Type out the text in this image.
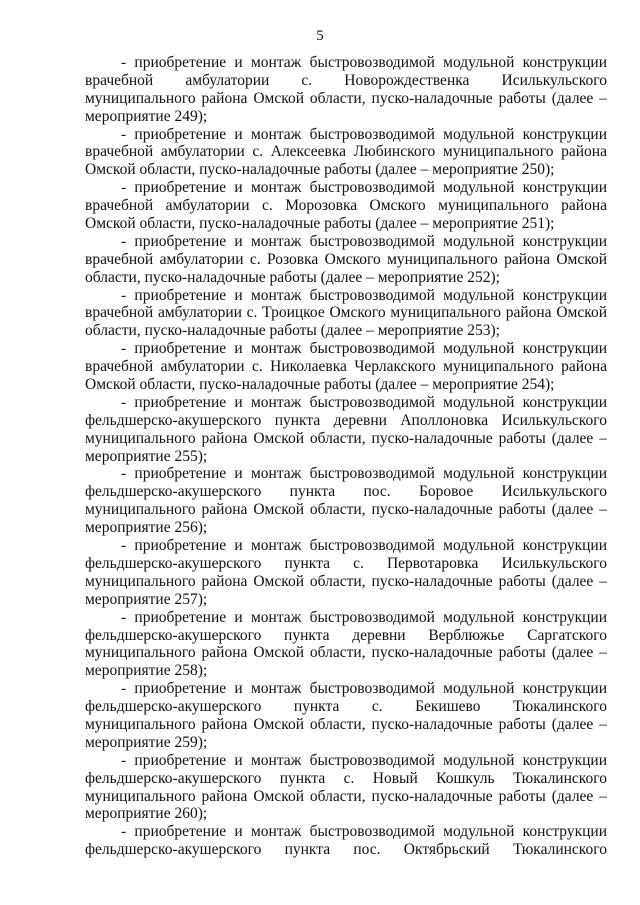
5
- приобретение и монтаж быстровозводимой модульной конструкции
врачебной амбулатории с. Новорождественка Исилькульского
муниципального района Омской области, пуско-наладочные работы (далее –
мероприятие 249);
- приобретение и монтаж быстровозводимой модульной конструкции
врачебной амбулатории с. Алексеевка Любинского муниципального района
Омской области, пуско-наладочные работы (далее – мероприятие 250);
- приобретение и монтаж быстровозводимой модульной конструкции
врачебной амбулатории с. Морозовка Омского муниципального района
Омской области, пуско-наладочные работы (далее – мероприятие 251);
- приобретение и монтаж быстровозводимой модульной конструкции
врачебной амбулатории с. Розовка Омского муниципального района Омской
области, пуско-наладочные работы (далее – мероприятие 252);
- приобретение и монтаж быстровозводимой модульной конструкции
врачебной амбулатории с. Троицкое Омского муниципального района Омской
области, пуско-наладочные работы (далее – мероприятие 253);
- приобретение и монтаж быстровозводимой модульной конструкции
врачебной амбулатории с. Николаевка Черлакского муниципального района
Омской области, пуско-наладочные работы (далее – мероприятие 254);
- приобретение и монтаж быстровозводимой модульной конструкции
фельдшерско-акушерского пункта деревни Аполлоновка Исилькульского
муниципального района Омской области, пуско-наладочные работы (далее –
мероприятие 255);
- приобретение и монтаж быстровозводимой модульной конструкции
фельдшерско-акушерского пункта пос. Боровое Исилькульского
муниципального района Омской области, пуско-наладочные работы (далее –
мероприятие 256);
- приобретение и монтаж быстровозводимой модульной конструкции
фельдшерско-акушерского пункта с. Первотаровка Исилькульского
муниципального района Омской области, пуско-наладочные работы (далее –
мероприятие 257);
- приобретение и монтаж быстровозводимой модульной конструкции
фельдшерско-акушерского пункта деревни Верблюжье Саргатского
муниципального района Омской области, пуско-наладочные работы (далее –
мероприятие 258);
- приобретение и монтаж быстровозводимой модульной конструкции
фельдшерско-акушерского пункта с. Бекишево Тюкалинского
муниципального района Омской области, пуско-наладочные работы (далее –
мероприятие 259);
- приобретение и монтаж быстровозводимой модульной конструкции
фельдшерско-акушерского пункта с. Новый Кошкуль Тюкалинского
муниципального района Омской области, пуско-наладочные работы (далее –
мероприятие 260);
- приобретение и монтаж быстровозводимой модульной конструкции
фельдшерско-акушерского пункта пос. Октябрьский Тюкалинского
